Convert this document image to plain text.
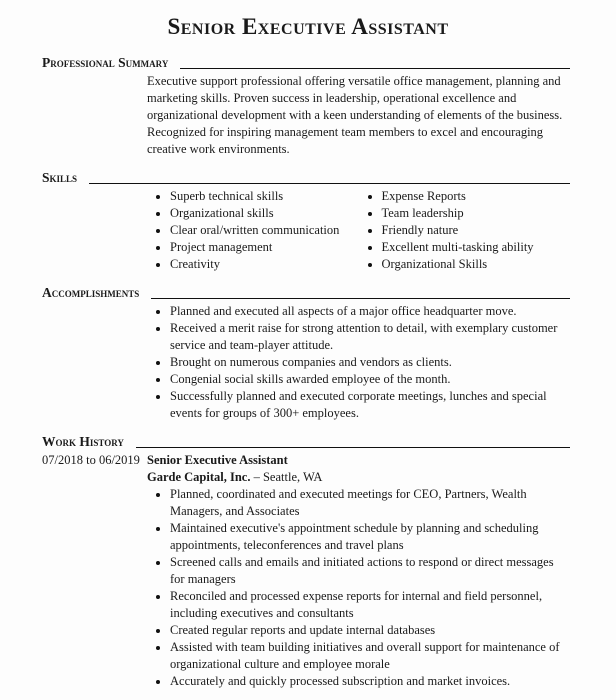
Senior Executive Assistant
Professional Summary
Executive support professional offering versatile office management, planning and marketing skills. Proven success in leadership, operational excellence and organizational development with a keen understanding of elements of the business. Recognized for inspiring management team members to excel and encouraging creative work environments.
Skills
Superb technical skills
Organizational skills
Clear oral/written communication
Project management
Creativity
Expense Reports
Team leadership
Friendly nature
Excellent multi-tasking ability
Organizational Skills
Accomplishments
Planned and executed all aspects of a major office headquarter move.
Received a merit raise for strong attention to detail, with exemplary customer service and team-player attitude.
Brought on numerous companies and vendors as clients.
Congenial social skills awarded employee of the month.
Successfully planned and executed corporate meetings, lunches and special events for groups of 300+ employees.
Work History
07/2018 to 06/2019 Senior Executive Assistant
Garde Capital, Inc. – Seattle, WA
Planned, coordinated and executed meetings for CEO, Partners, Wealth Managers, and Associates
Maintained executive's appointment schedule by planning and scheduling appointments, teleconferences and travel plans
Screened calls and emails and initiated actions to respond or direct messages for managers
Reconciled and processed expense reports for internal and field personnel, including executives and consultants
Created regular reports and update internal databases
Assisted with team building initiatives and overall support for maintenance of organizational culture and employee morale
Accurately and quickly processed subscription and market invoices.
